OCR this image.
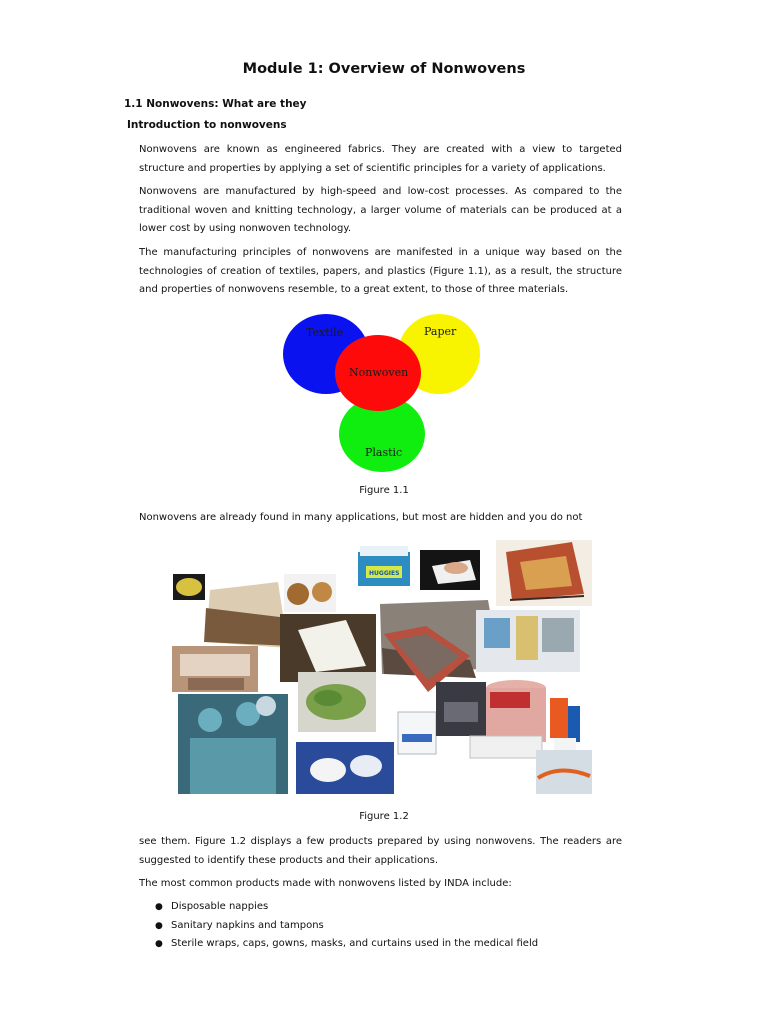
Module 1: Overview of Nonwovens
1.1 Nonwovens: What are they
Introduction to nonwovens

Nonwovens are known as engineered fabrics. They are created with a view to targeted structure and properties by applying a set of scientific principles for a variety of applications.

Nonwovens are manufactured by high-speed and low-cost processes. As compared to the traditional woven and knitting technology, a larger volume of materials can be produced at a lower cost by using nonwoven technology.

The manufacturing principles of nonwovens are manifested in a unique way based on the technologies of creation of textiles, papers, and plastics (Figure 1.1), as a result, the structure and properties of nonwovens resemble, to a great extent, to those of three materials.

Textile	Paper
Nonwoven
Plastic
Figure 1.1

Nonwovens are already found in many applications, but most are hidden and you do not

HUGGIES
Figure 1.2

see them. Figure 1.2 displays a few products prepared by using nonwovens. The readers are suggested to identify these products and their applications.

The most common products made with nonwovens listed by INDA include:

● Disposable nappies
● Sanitary napkins and tampons
● Sterile wraps, caps, gowns, masks, and curtains used in the medical field
